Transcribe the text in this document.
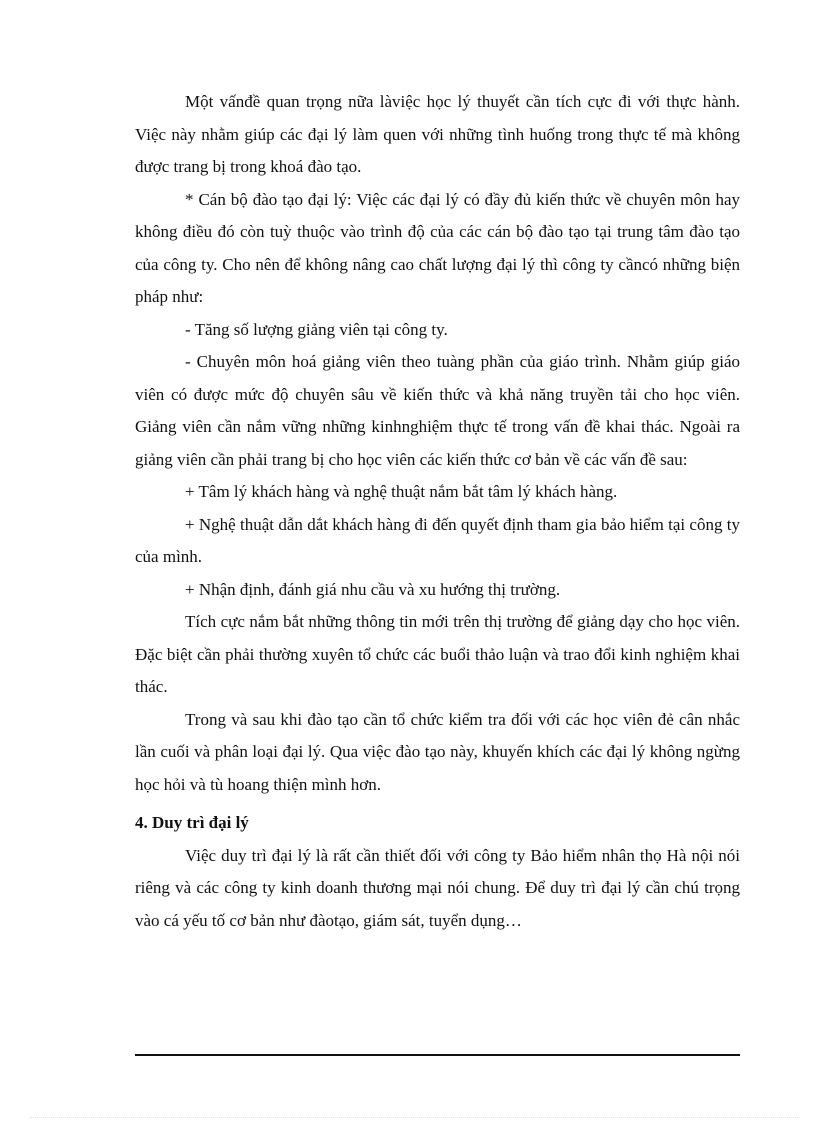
Một vấnđề quan trọng nữa làviệc học lý thuyết cần tích cực đi với thực hành. Việc này nhằm giúp các đại lý làm quen với những tình huống trong thực tế mà không được trang bị trong khoá đào tạo.

* Cán bộ đào tạo đại lý: Việc các đại lý có đầy đủ kiến thức về chuyên môn hay không điều đó còn tuỳ thuộc vào trình độ của các cán bộ đào tạo tại trung tâm đào tạo của công ty. Cho nên để không nâng cao chất lượng đại lý thì công ty cầncó những biện pháp như:

- Tăng số lượng giảng viên tại công ty.

- Chuyên môn hoá giảng viên theo tuàng phần của giáo trình. Nhằm giúp giáo viên có được mức độ chuyên sâu về kiến thức và khả năng truyền tải cho học viên. Giảng viên cần nắm vững những kinhnghiệm thực tế trong vấn đề khai thác. Ngoài ra giảng viên cần phải trang bị cho học viên các kiến thức cơ bản về các vấn đề sau:

+ Tâm lý khách hàng và nghệ thuật nắm bắt tâm lý khách hàng.

+ Nghệ thuật dẫn dắt khách hàng đi đến quyết định tham gia bảo hiểm tại công ty của mình.

+ Nhận định, đánh giá nhu cầu và xu hướng thị trường.

Tích cực nắm bắt những thông tin mới trên thị trường để giảng dạy cho học viên. Đặc biệt cần phải thường xuyên tổ chức các buổi thảo luận và trao đổi kinh nghiệm khai thác.

Trong và sau khi đào tạo cần tổ chức kiểm tra đối với các học viên đẻ cân nhắc lần cuối và phân loại đại lý. Qua việc đào tạo này, khuyến khích các đại lý không ngừng học hỏi và tù hoang thiện mình hơn.

4. Duy trì đại lý

Việc duy trì đại lý là rất cần thiết đối với công ty Bảo hiểm nhân thọ Hà nội nói riêng và các công ty kinh doanh thương mại nói chung. Để duy trì đại lý cần chú trọng vào cá yếu tố cơ bản như đàotạo, giám sát, tuyển dụng…
